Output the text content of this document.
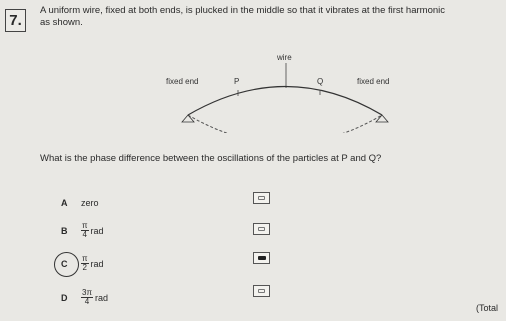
7.
A uniform wire, fixed at both ends, is plucked in the middle so that it vibrates at the first harmonic
as shown.
wire
fixed end	P	Q	fixed end
What is the phase difference between the oscillations of the particles at P and Q?
A	zero
B	$\frac{\pi}{4}$ rad
C	$\frac{\pi}{2}$ rad
D	$\frac{3\pi}{4}$ rad
(Total
